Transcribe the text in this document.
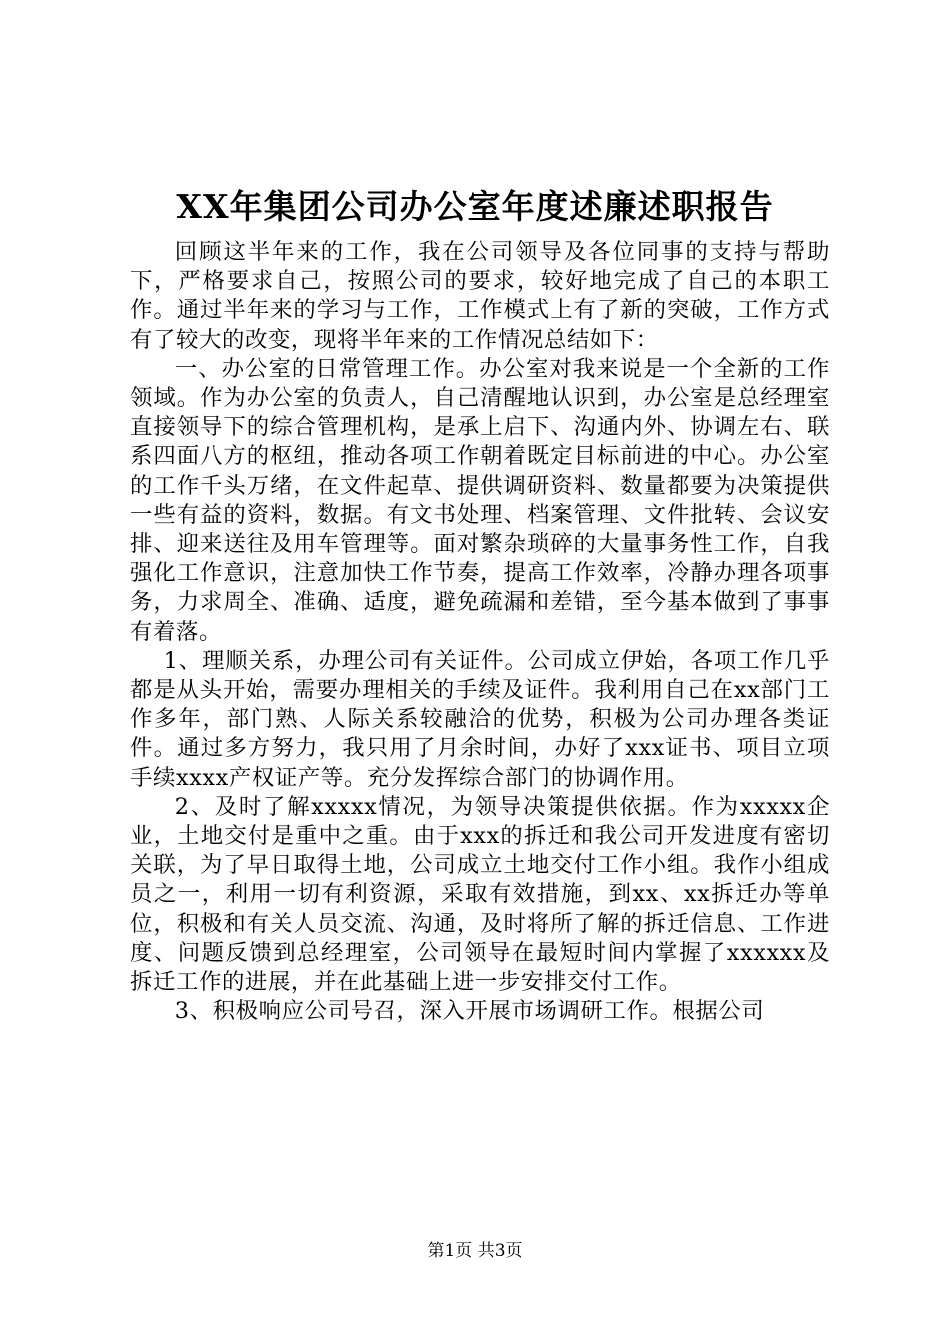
XX年集团公司办公室年度述廉述职报告

回顾这半年来的工作，我在公司领导及各位同事的支持与帮助下，严格要求自己，按照公司的要求，较好地完成了自己的本职工作。通过半年来的学习与工作，工作模式上有了新的突破，工作方式有了较大的改变，现将半年来的工作情况总结如下：

一、办公室的日常管理工作。办公室对我来说是一个全新的工作领域。作为办公室的负责人，自己清醒地认识到，办公室是总经理室直接领导下的综合管理机构，是承上启下、沟通内外、协调左右、联系四面八方的枢纽，推动各项工作朝着既定目标前进的中心。办公室的工作千头万绪，在文件起草、提供调研资料、数量都要为决策提供一些有益的资料，数据。有文书处理、档案管理、文件批转、会议安排、迎来送往及用车管理等。面对繁杂琐碎的大量事务性工作，自我强化工作意识，注意加快工作节奏，提高工作效率，冷静办理各项事务，力求周全、准确、适度，避免疏漏和差错，至今基本做到了事事有着落。

1、理顺关系，办理公司有关证件。公司成立伊始，各项工作几乎都是从头开始，需要办理相关的手续及证件。我利用自己在xx部门工作多年，部门熟、人际关系较融洽的优势，积极为公司办理各类证件。通过多方努力，我只用了月余时间，办好了xxx证书、项目立项手续xxxx产权证产等。充分发挥综合部门的协调作用。

2、及时了解xxxxx情况，为领导决策提供依据。作为xxxxx企业，土地交付是重中之重。由于xxx的拆迁和我公司开发进度有密切关联，为了早日取得土地，公司成立土地交付工作小组。我作小组成员之一，利用一切有利资源，采取有效措施，到xx、xx拆迁办等单位，积极和有关人员交流、沟通，及时将所了解的拆迁信息、工作进度、问题反馈到总经理室，公司领导在最短时间内掌握了xxxxxx及拆迁工作的进展，并在此基础上进一步安排交付工作。

3、积极响应公司号召，深入开展市场调研工作。根据公司

第1页 共3页
